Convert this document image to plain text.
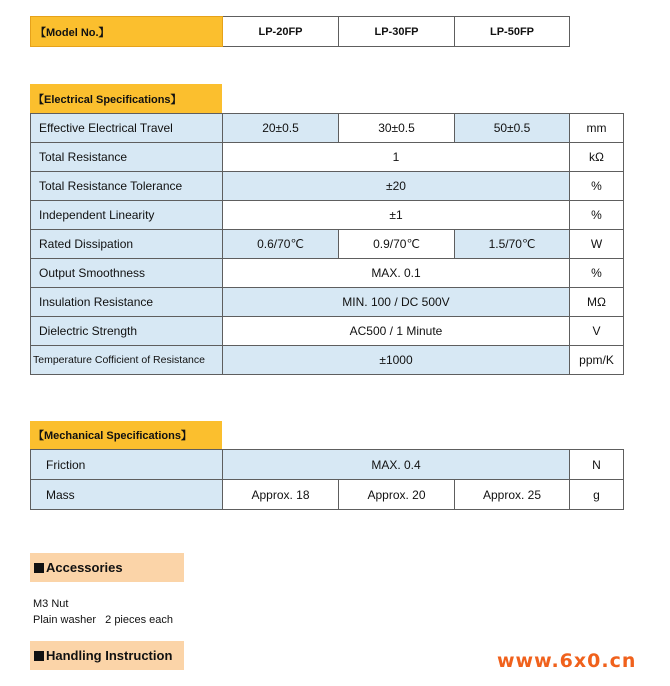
【Model No.】	LP-20FP	LP-30FP	LP-50FP
【Electrical Specifications】
Effective Electrical Travel	20±0.5	30±0.5	50±0.5	mm
Total Resistance	1			kΩ
Total Resistance Tolerance	±20			%
Independent Linearity	±1			%
Rated Dissipation	0.6/70℃	0.9/70℃	1.5/70℃	W
Output Smoothness	MAX. 0.1			%
Insulation Resistance	MIN. 100 / DC 500V			MΩ
Dielectric Strength	AC500 / 1 Minute			V
Temperature Cofficient of Resistance	±1000			ppm/K
【Mechanical Specifications】
Friction	MAX. 0.4			N
Mass	Approx. 18	Approx. 20	Approx. 25	g
Accessories
M3 Nut
Plain washer   2 pieces each
Handling Instruction	www.6x0.cn
